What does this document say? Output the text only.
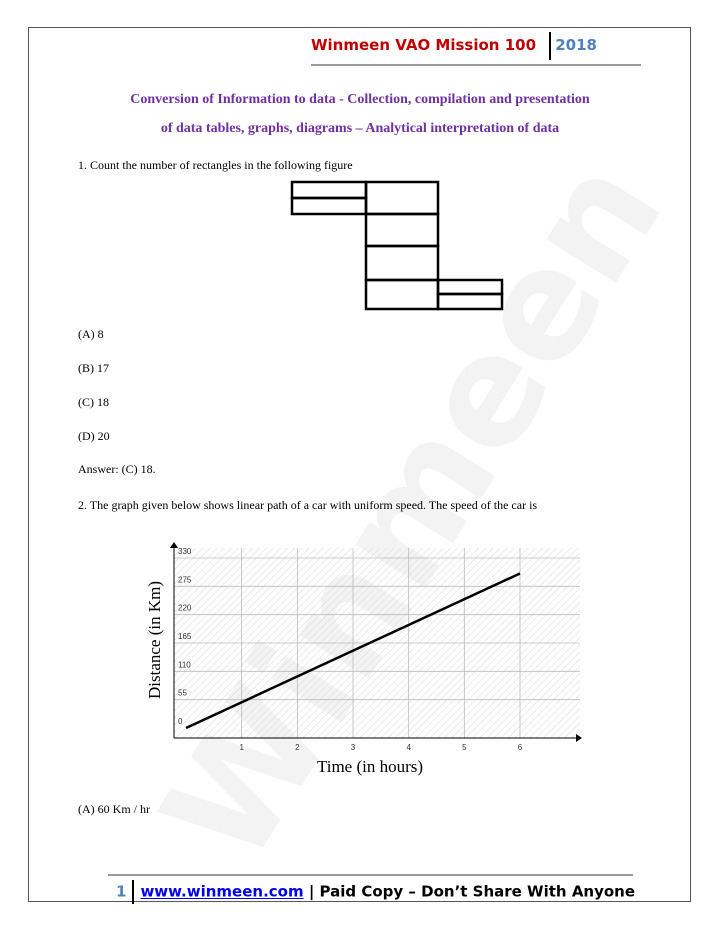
Winmeen VAO Mission 100 2018
Conversion of Information to data - Collection, compilation and presentation
of data tables, graphs, diagrams – Analytical interpretation of data
1. Count the number of rectangles in the following figure
(A) 8
(B) 17
(C) 18
(D) 20
Answer: (C) 18.
2. The graph given below shows linear path of a car with uniform speed. The speed of the car is
0
55
110
165
220
275
330
1	2	3	4	5	6
Time (in hours)
Distance (in Km)
(A) 60 Km / hr
1 www.winmeen.com | Paid Copy – Don’t Share With Anyone
